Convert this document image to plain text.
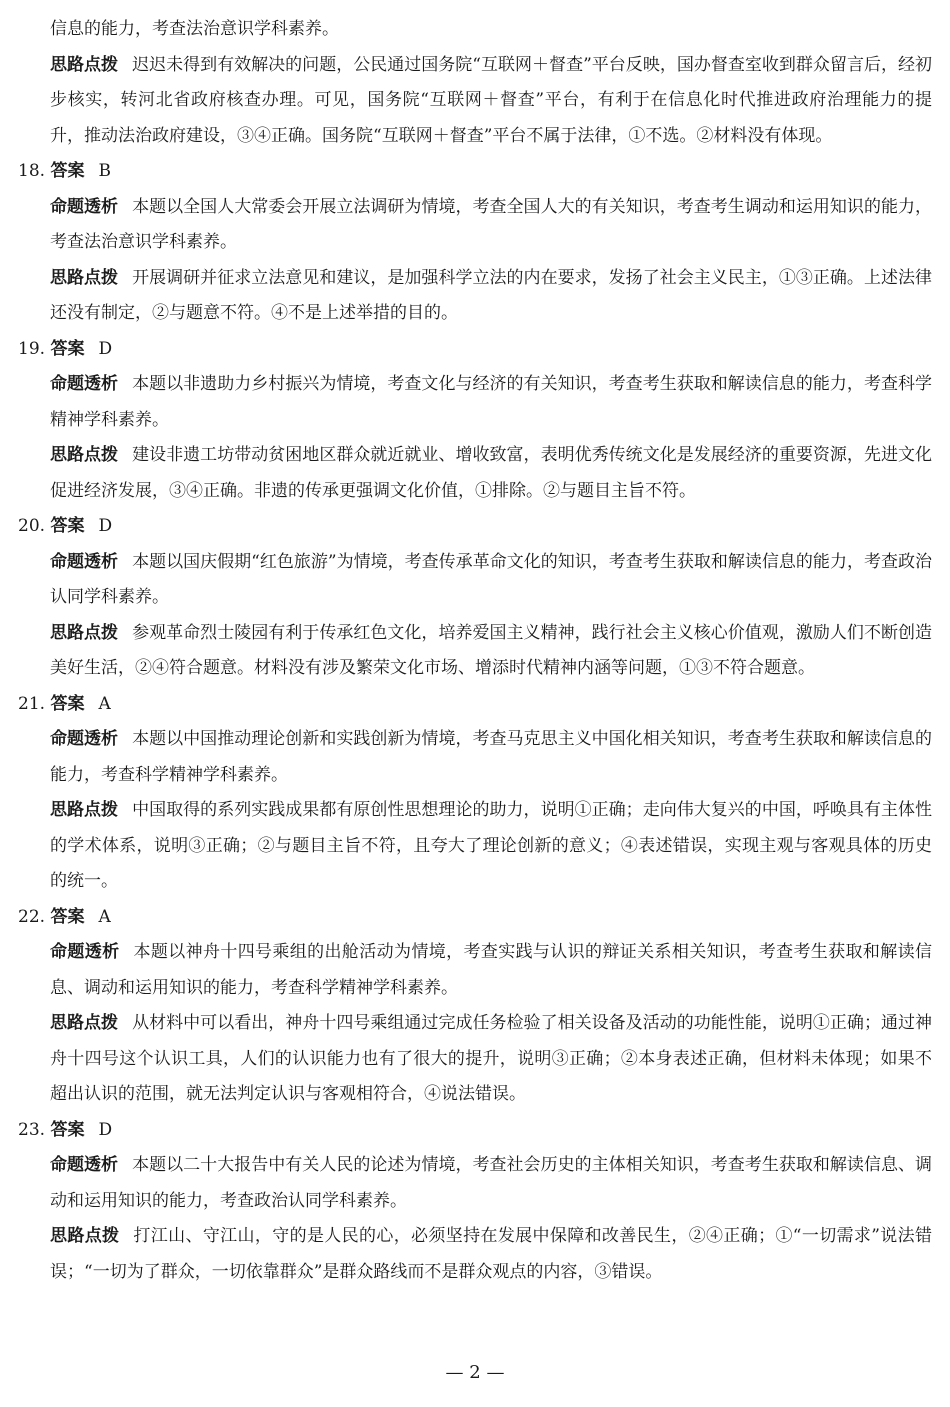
信息的能力，考查法治意识学科素养。

思路点拨 迟迟未得到有效解决的问题，公民通过国务院“互联网＋督查”平台反映，国办督查室收到群众留言后，经初步核实，转河北省政府核查办理。可见，国务院“互联网＋督查”平台，有利于在信息化时代推进政府治理能力的提升，推动法治政府建设，③④正确。国务院“互联网＋督查”平台不属于法律，①不选。②材料没有体现。

18. 答案 B

命题透析 本题以全国人大常委会开展立法调研为情境，考查全国人大的有关知识，考查考生调动和运用知识的能力，考查法治意识学科素养。

思路点拨 开展调研并征求立法意见和建议，是加强科学立法的内在要求，发扬了社会主义民主，①③正确。上述法律还没有制定，②与题意不符。④不是上述举措的目的。

19. 答案 D

命题透析 本题以非遗助力乡村振兴为情境，考查文化与经济的有关知识，考查考生获取和解读信息的能力，考查科学精神学科素养。

思路点拨 建设非遗工坊带动贫困地区群众就近就业、增收致富，表明优秀传统文化是发展经济的重要资源，先进文化促进经济发展，③④正确。非遗的传承更强调文化价值，①排除。②与题目主旨不符。

20. 答案 D

命题透析 本题以国庆假期“红色旅游”为情境，考查传承革命文化的知识，考查考生获取和解读信息的能力，考查政治认同学科素养。

思路点拨 参观革命烈士陵园有利于传承红色文化，培养爱国主义精神，践行社会主义核心价值观，激励人们不断创造美好生活，②④符合题意。材料没有涉及繁荣文化市场、增添时代精神内涵等问题，①③不符合题意。

21. 答案 A

命题透析 本题以中国推动理论创新和实践创新为情境，考查马克思主义中国化相关知识，考查考生获取和解读信息的能力，考查科学精神学科素养。

思路点拨 中国取得的系列实践成果都有原创性思想理论的助力，说明①正确；走向伟大复兴的中国，呼唤具有主体性的学术体系，说明③正确；②与题目主旨不符，且夸大了理论创新的意义；④表述错误，实现主观与客观具体的历史的统一。

22. 答案 A

命题透析 本题以神舟十四号乘组的出舱活动为情境，考查实践与认识的辩证关系相关知识，考查考生获取和解读信息、调动和运用知识的能力，考查科学精神学科素养。

思路点拨 从材料中可以看出，神舟十四号乘组通过完成任务检验了相关设备及活动的功能性能，说明①正确；通过神舟十四号这个认识工具，人们的认识能力也有了很大的提升，说明③正确；②本身表述正确，但材料未体现；如果不超出认识的范围，就无法判定认识与客观相符合，④说法错误。

23. 答案 D

命题透析 本题以二十大报告中有关人民的论述为情境，考查社会历史的主体相关知识，考查考生获取和解读信息、调动和运用知识的能力，考查政治认同学科素养。

思路点拨 打江山、守江山，守的是人民的心，必须坚持在发展中保障和改善民生，②④正确；①“一切需求”说法错误；“一切为了群众，一切依靠群众”是群众路线而不是群众观点的内容，③错误。

— 2 —
